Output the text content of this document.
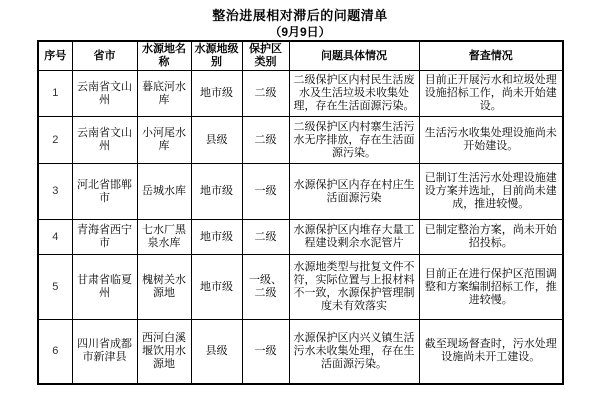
整治进展相对滞后的问题清单
（9月9日）
序号	省市	水源地名称	水源地级别	保护区类别	问题具体情况	督查情况
1	云南省文山州	暮底河水库	地市级	二级	二级保护区内村民生活废水及生活垃圾未收集处理，存在生活面源污染。	目前正开展污水和垃圾处理设施招标工作，尚未开始建设。
2	云南省文山州	小河尾水库	县级	二级	二级保护区内村寨生活污水无序排放，存在生活面源污染。	生活污水收集处理设施尚未开始建设。
3	河北省邯郸市	岳城水库	地市级	一级	水源保护区内存在村庄生活面源污染	已制订生活污水处理设施建设方案并选址，目前尚未建成，推进较慢。
4	青海省西宁市	七水厂黑泉水库	地市级	二级	水源保护区内堆存大量工程建设剩余水泥管片	已制定整治方案，尚未开始招投标。
5	甘肃省临夏州	槐树关水源地	地市级	一级、二级	水源地类型与批复文件不符，实际位置与上报材料不一致，水源保护管理制度未有效落实	目前正在进行保护区范围调整和方案编制招标工作，推进较慢。
6	四川省成都市新津县	西河白溪堰饮用水源地	县级	一级	水源保护区内兴义镇生活污水未收集处理，存在生活面源污染。	截至现场督查时，污水处理设施尚未开工建设。
